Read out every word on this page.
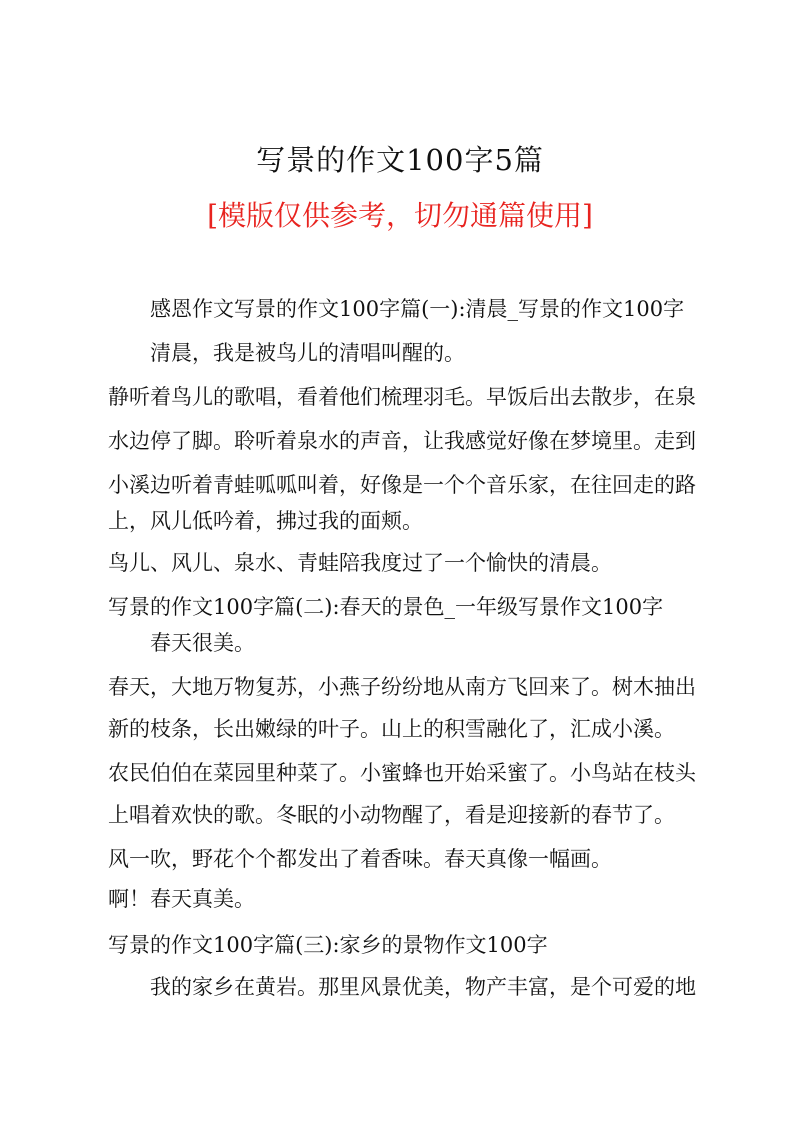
写景的作文100字5篇
[模版仅供参考，切勿通篇使用]
感恩作文写景的作文100字篇(一):清晨_写景的作文100字
清晨，我是被鸟儿的清唱叫醒的。
静听着鸟儿的歌唱，看着他们梳理羽毛。早饭后出去散步，在泉
水边停了脚。聆听着泉水的声音，让我感觉好像在梦境里。走到
小溪边听着青蛙呱呱叫着，好像是一个个音乐家，在往回走的路
上，风儿低吟着，拂过我的面颊。
鸟儿、风儿、泉水、青蛙陪我度过了一个愉快的清晨。
写景的作文100字篇(二):春天的景色_一年级写景作文100字
春天很美。
春天，大地万物复苏，小燕子纷纷地从南方飞回来了。树木抽出
新的枝条，长出嫩绿的叶子。山上的积雪融化了，汇成小溪。
农民伯伯在菜园里种菜了。小蜜蜂也开始采蜜了。小鸟站在枝头
上唱着欢快的歌。冬眠的小动物醒了，看是迎接新的春节了。
风一吹，野花个个都发出了着香味。春天真像一幅画。
啊！春天真美。
写景的作文100字篇(三):家乡的景物作文100字
我的家乡在黄岩。那里风景优美，物产丰富，是个可爱的地
